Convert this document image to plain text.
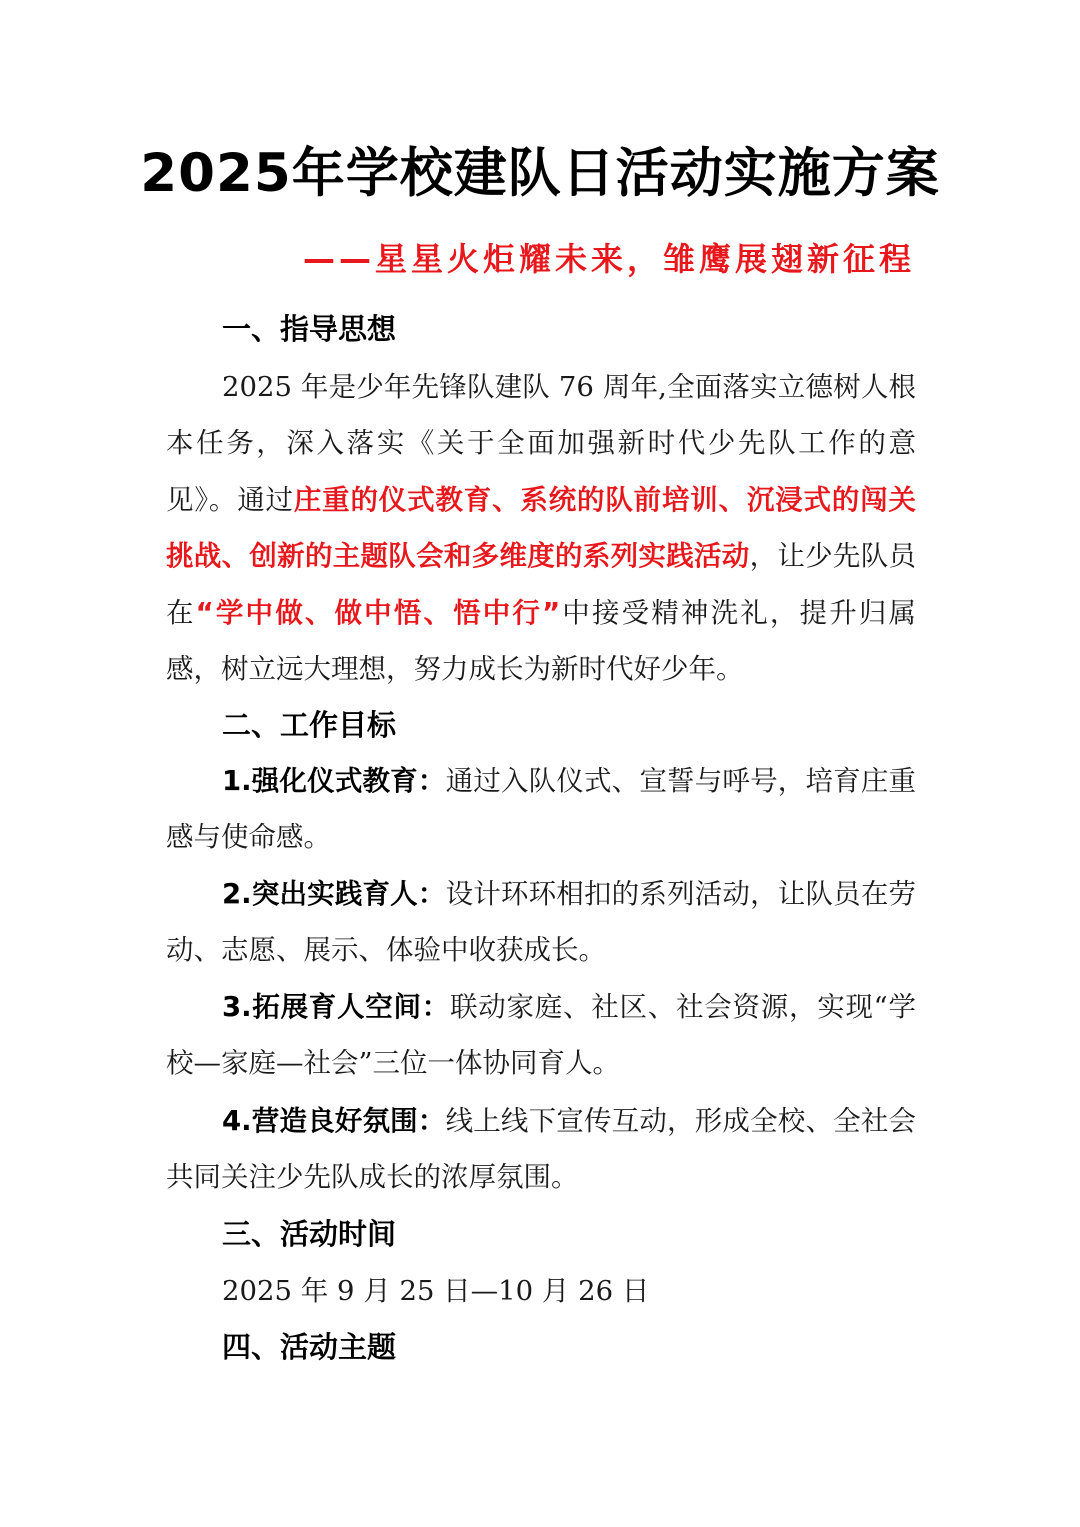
2025年学校建队日活动实施方案
——星星火炬耀未来，雏鹰展翅新征程
一、指导思想
2025 年是少年先锋队建队 76 周年,全面落实立德树人根本任务，深入落实《关于全面加强新时代少先队工作的意见》。通过庄重的仪式教育、系统的队前培训、沉浸式的闯关挑战、创新的主题队会和多维度的系列实践活动，让少先队员在“学中做、做中悟、悟中行”中接受精神洗礼，提升归属感，树立远大理想，努力成长为新时代好少年。
二、工作目标
1.强化仪式教育：通过入队仪式、宣誓与呼号，培育庄重感与使命感。
2.突出实践育人：设计环环相扣的系列活动，让队员在劳动、志愿、展示、体验中收获成长。
3.拓展育人空间：联动家庭、社区、社会资源，实现“学校—家庭—社会”三位一体协同育人。
4.营造良好氛围：线上线下宣传互动，形成全校、全社会共同关注少先队成长的浓厚氛围。
三、活动时间
2025 年 9 月 25 日—10 月 26 日
四、活动主题
